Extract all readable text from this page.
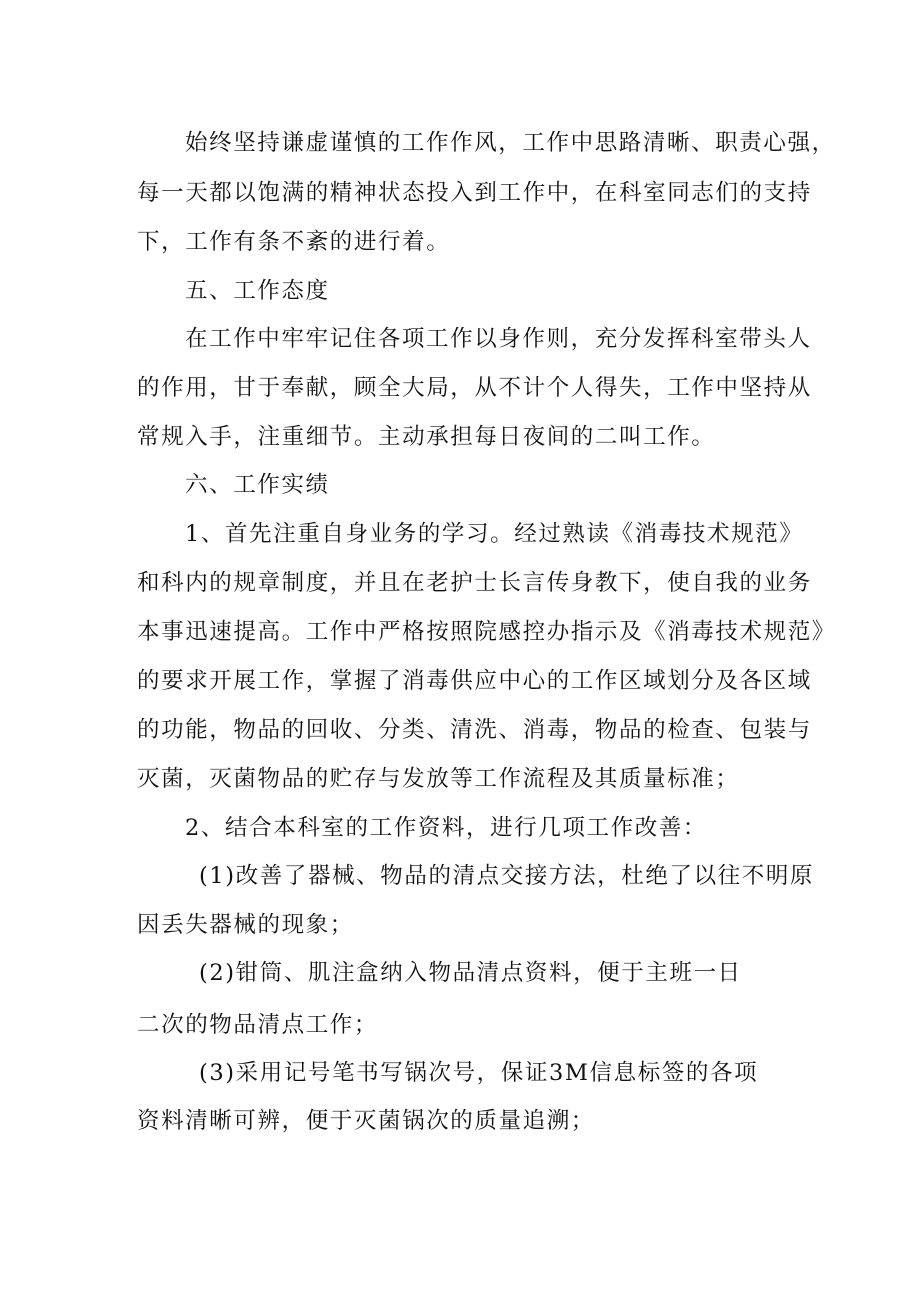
始终坚持谦虚谨慎的工作作风，工作中思路清晰、职责心强，

每一天都以饱满的精神状态投入到工作中，在科室同志们的支持

下，工作有条不紊的进行着。

五、工作态度

在工作中牢牢记住各项工作以身作则，充分发挥科室带头人

的作用，甘于奉献，顾全大局，从不计个人得失，工作中坚持从

常规入手，注重细节。主动承担每日夜间的二叫工作。

六、工作实绩

1、首先注重自身业务的学习。经过熟读《消毒技术规范》

和科内的规章制度，并且在老护士长言传身教下，使自我的业务

本事迅速提高。工作中严格按照院感控办指示及《消毒技术规范》

的要求开展工作，掌握了消毒供应中心的工作区域划分及各区域

的功能，物品的回收、分类、清洗、消毒，物品的检查、包装与

灭菌，灭菌物品的贮存与发放等工作流程及其质量标准；

2、结合本科室的工作资料，进行几项工作改善：

(1)改善了器械、物品的清点交接方法，杜绝了以往不明原

因丢失器械的现象；

(2)钳筒、肌注盒纳入物品清点资料，便于主班一日

二次的物品清点工作；

(3)采用记号笔书写锅次号，保证3M信息标签的各项

资料清晰可辨，便于灭菌锅次的质量追溯；
